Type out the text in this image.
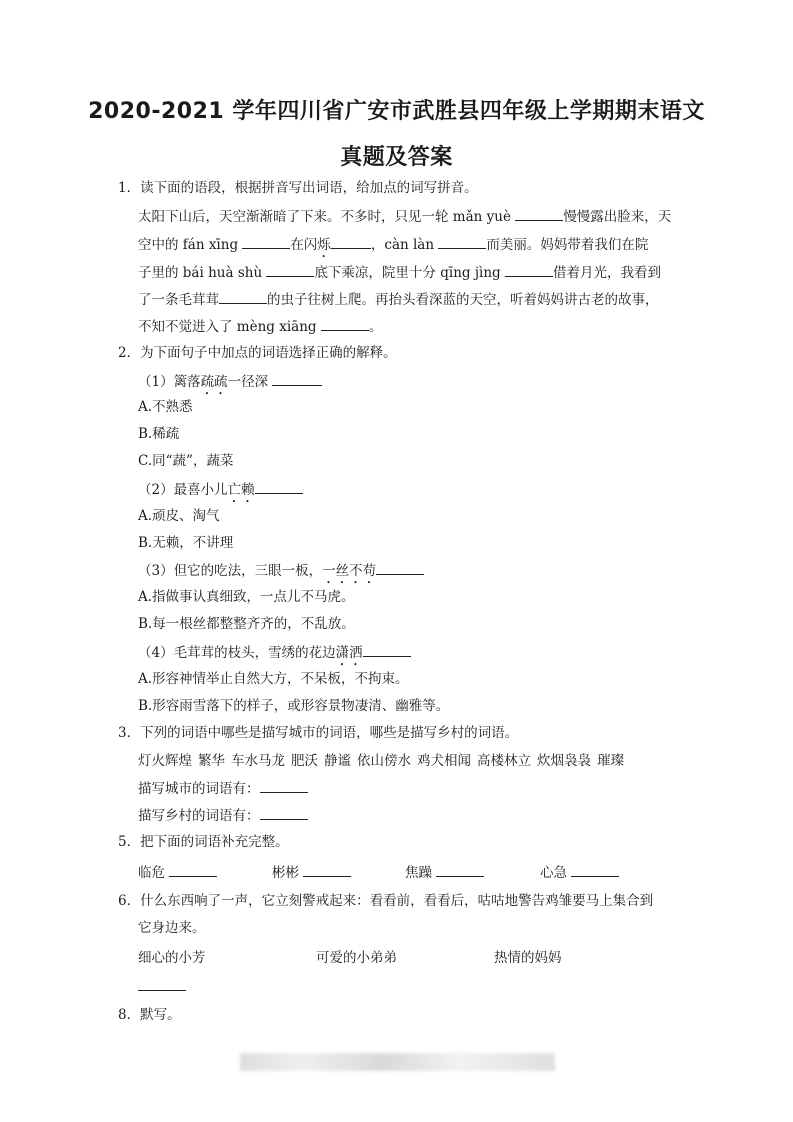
2020-2021 学年四川省广安市武胜县四年级上学期期末语文
真题及答案
1．读下面的语段，根据拼音写出词语，给加点的词写拼音。
太阳下山后，天空渐渐暗了下来。不多时，只见一轮 mǎn yuè	慢慢露出脸来，天
空中的 fán xīng	在闪烁	，càn làn	而美丽。妈妈带着我们在院
子里的 bái huà shù	底下乘凉，院里十分 qīng jìng	借着月光，我看到
了一条毛茸茸	的虫子往树上爬。再抬头看深蓝的天空，听着妈妈讲古老的故事，
不知不觉进入了 mèng xiāng	。
2．为下面句子中加点的词语选择正确的解释。
（1）篱落疏疏一径深
A.不熟悉
B.稀疏
C.同“蔬”，蔬菜
（2）最喜小儿亡赖
A.顽皮、淘气
B.无赖，不讲理
（3）但它的吃法，三眼一板，一丝不苟
A.指做事认真细致，一点儿不马虎。
B.每一根丝都整整齐齐的，不乱放。
（4）毛茸茸的枝头，雪绣的花边潇洒
A.形容神情举止自然大方，不呆板，不拘束。
B.形容雨雪落下的样子，或形容景物凄清、幽雅等。
3．下列的词语中哪些是描写城市的词语，哪些是描写乡村的词语。
灯火辉煌 繁华 车水马龙 肥沃 静谧 依山傍水 鸡犬相闻 高楼林立 炊烟袅袅 璀璨
描写城市的词语有：
描写乡村的词语有：
5．把下面的词语补充完整。
临危	彬彬	焦躁	心急
6．什么东西响了一声，它立刻警戒起来：看看前，看看后，咕咕地警告鸡雏要马上集合到
它身边来。
细心的小芳	可爱的小弟弟	热情的妈妈
8．默写。
